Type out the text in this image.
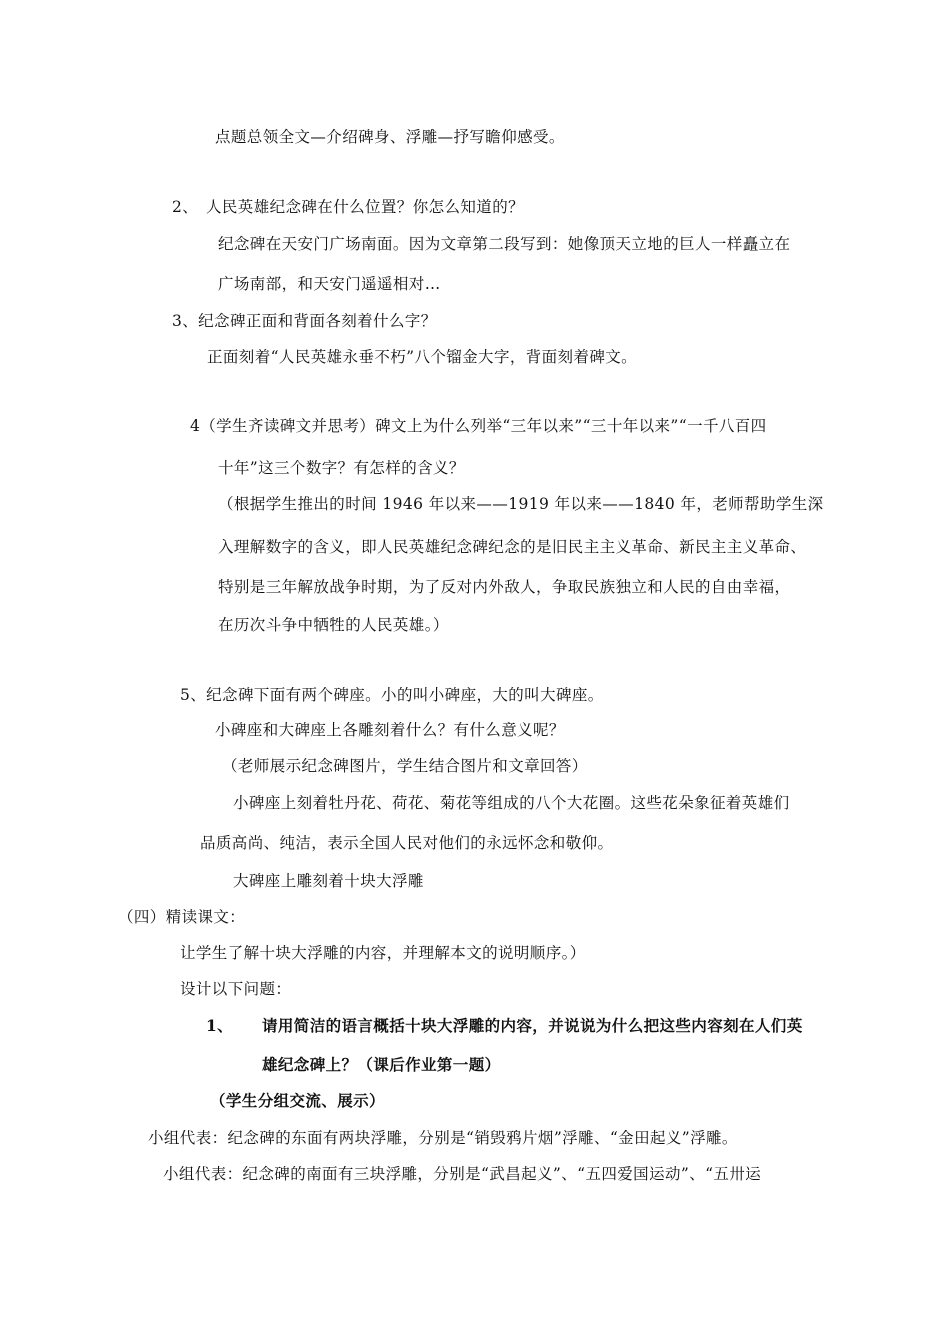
点题总领全文—介绍碑身、浮雕—抒写瞻仰感受。
2、 人民英雄纪念碑在什么位置？你怎么知道的？
纪念碑在天安门广场南面。因为文章第二段写到：她像顶天立地的巨人一样矗立在
广场南部，和天安门遥遥相对…
3、纪念碑正面和背面各刻着什么字？
正面刻着“人民英雄永垂不朽”八个镏金大字，背面刻着碑文。
4（学生齐读碑文并思考）碑文上为什么列举“三年以来”“三十年以来”“一千八百四
十年”这三个数字？有怎样的含义？
（根据学生推出的时间 1946 年以来——1919 年以来——1840 年，老师帮助学生深
入理解数字的含义，即人民英雄纪念碑纪念的是旧民主主义革命、新民主主义革命、
特别是三年解放战争时期，为了反对内外敌人，争取民族独立和人民的自由幸福，
在历次斗争中牺牲的人民英雄。）
5、纪念碑下面有两个碑座。小的叫小碑座，大的叫大碑座。
小碑座和大碑座上各雕刻着什么？有什么意义呢？
（老师展示纪念碑图片，学生结合图片和文章回答）
小碑座上刻着牡丹花、荷花、菊花等组成的八个大花圈。这些花朵象征着英雄们
品质高尚、纯洁，表示全国人民对他们的永远怀念和敬仰。
大碑座上雕刻着十块大浮雕
（四）精读课文：
让学生了解十块大浮雕的内容，并理解本文的说明顺序。）
设计以下问题：
1、 请用简洁的语言概括十块大浮雕的内容，并说说为什么把这些内容刻在人们英
雄纪念碑上？（课后作业第一题）
（学生分组交流、展示）
小组代表：纪念碑的东面有两块浮雕，分别是“销毁鸦片烟”浮雕、“金田起义”浮雕。
小组代表：纪念碑的南面有三块浮雕，分别是“武昌起义”、“五四爱国运动”、“五卅运
